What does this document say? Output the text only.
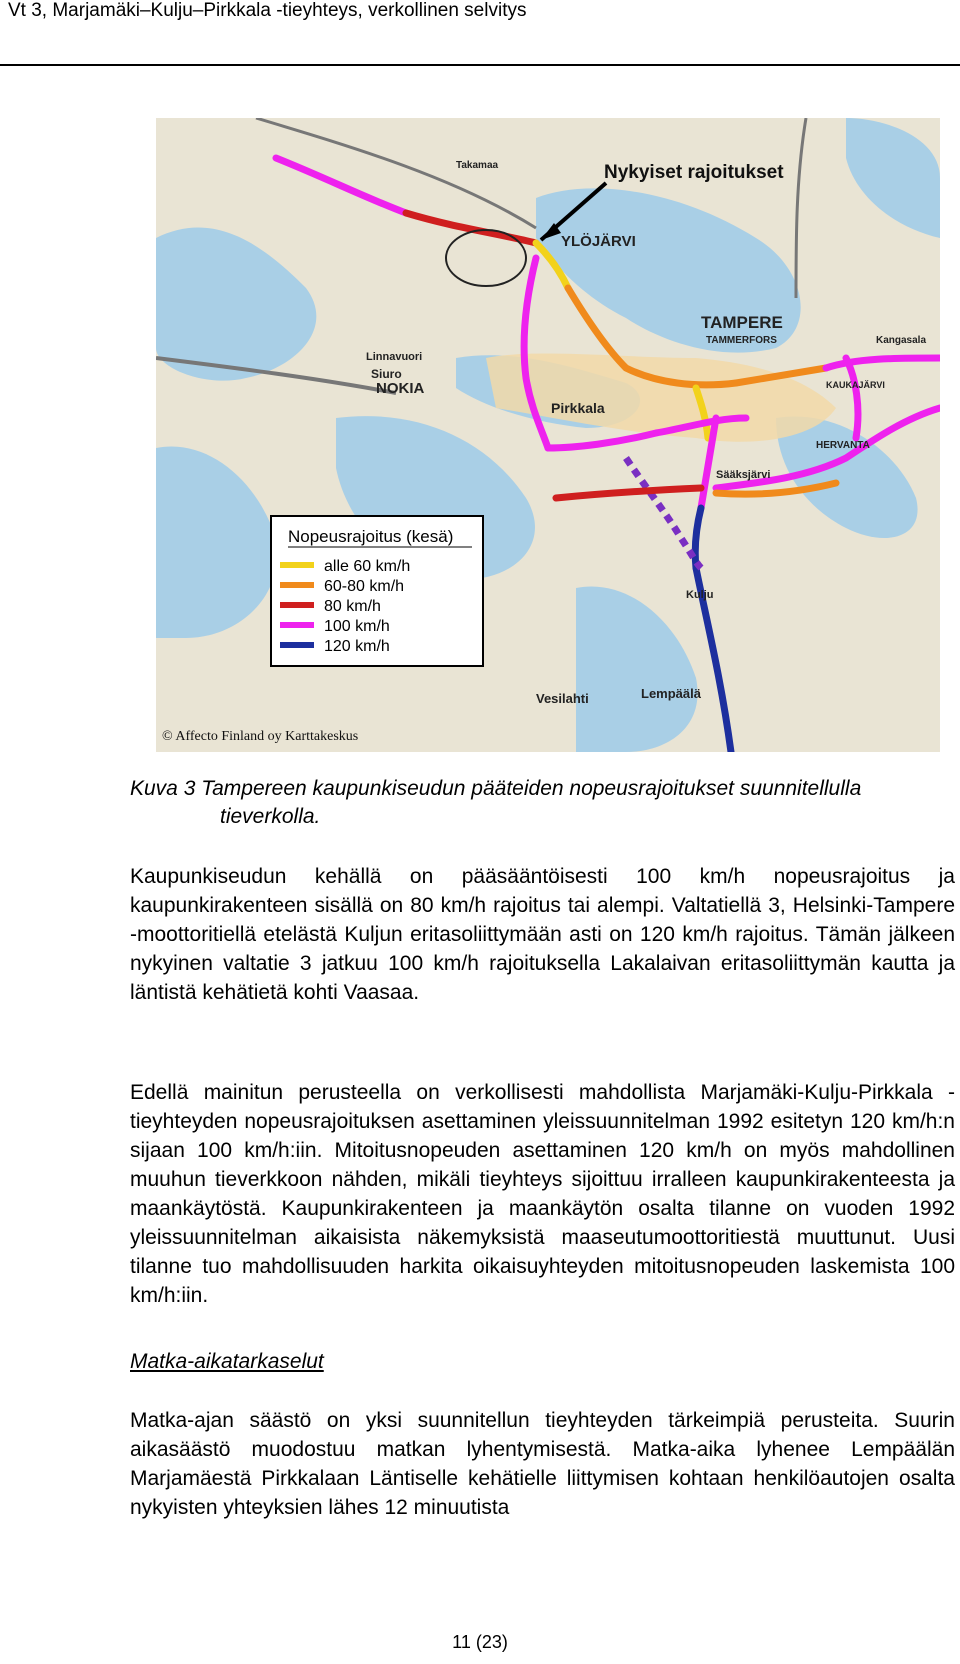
Vt 3, Marjamäki–Kulju–Pirkkala -tieyhteys, verkollinen selvitys
Nykyiset rajoitukset
YLÖJÄRVI
TAMPERE
TAMMERFORS
NOKIA
Pirkkala
Vesilahti	Lempäälä
Kulju
Sääksjärvi
Siuro
Linnavuori
Takamaa
KAUKAJÄRVI
HERVANTA
Kangasala
Nopeusrajoitus (kesä)
alle 60 km/h
60-80 km/h
80 km/h
100 km/h
120 km/h
© Affecto Finland oy Karttakeskus
Kuva 3 Tampereen kaupunkiseudun pääteiden nopeusrajoitukset suunnitellulla
tieverkolla.
Kaupunkiseudun kehällä on pääsääntöisesti 100 km/h nopeusrajoitus ja kaupunkirakenteen sisällä on 80 km/h rajoitus tai alempi. Valtatiellä 3, Helsinki-Tampere -moottoritiellä etelästä Kuljun eritasoliittymään asti on 120 km/h rajoitus. Tämän jälkeen nykyinen valtatie 3 jatkuu 100 km/h rajoituksella Lakalaivan eritasoliittymän kautta ja läntistä kehätietä kohti Vaasaa.
Edellä mainitun perusteella on verkollisesti mahdollista Marjamäki-Kulju-Pirkkala -tieyhteyden nopeusrajoituksen asettaminen yleissuunnitelman 1992 esitetyn 120 km/h:n sijaan 100 km/h:iin. Mitoitusnopeuden asettaminen 120 km/h on myös mahdollinen muuhun tieverkkoon nähden, mikäli tieyhteys sijoittuu irralleen kaupunkirakenteesta ja maankäytöstä. Kaupunkirakenteen ja maankäytön osalta tilanne on vuoden 1992 yleissuunnitelman aikaisista näkemyksistä maaseutumoottoritiestä muuttunut. Uusi tilanne tuo mahdollisuuden harkita oikaisuyhteyden mitoitusnopeuden laskemista 100 km/h:iin.
Matka-aikatarkaselut
Matka-ajan säästö on yksi suunnitellun tieyhteyden tärkeimpiä perusteita. Suurin aikasäästö muodostuu matkan lyhentymisestä. Matka-aika lyhenee Lempäälän Marjamäestä Pirkkalaan Läntiselle kehätielle liittymisen kohtaan henkilöautojen osalta nykyisten yhteyksien lähes 12 minuutista
11 (23)
